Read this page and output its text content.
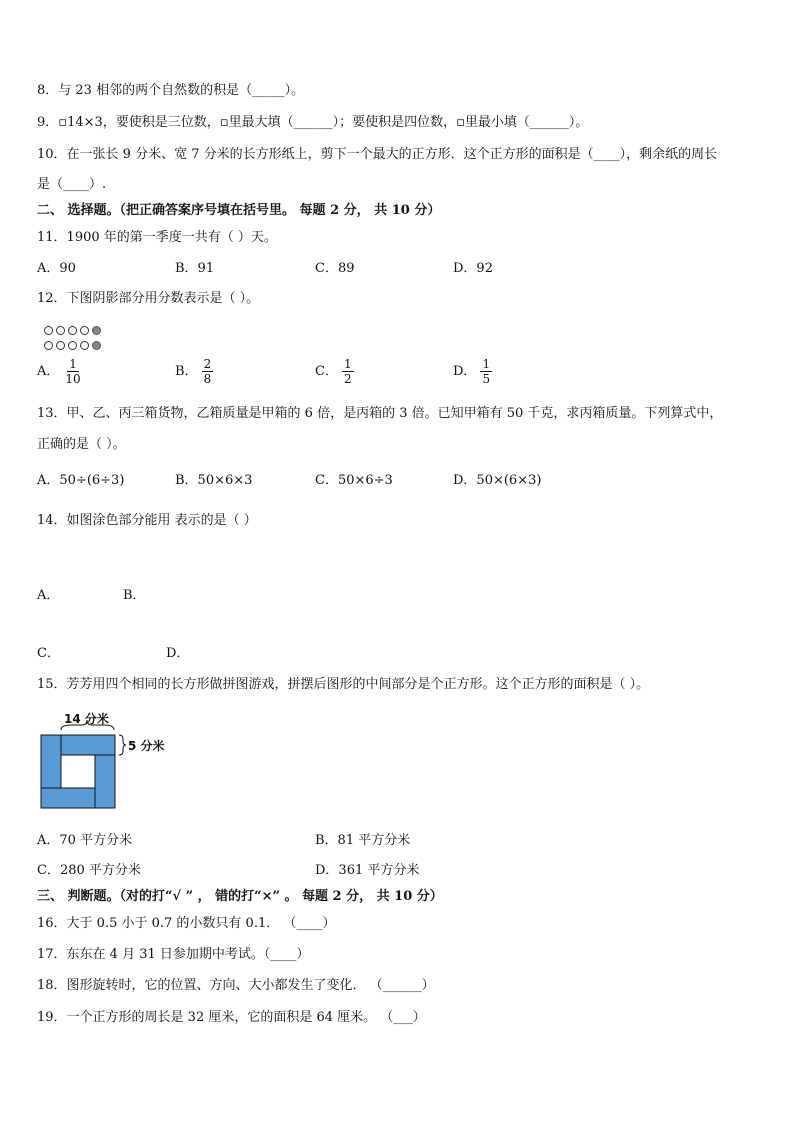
8．与 23 相邻的两个自然数的积是（_____）。
9．▫14×3，要使积是三位数，▫里最大填（______）；要使积是四位数，▫里最小填（______）。
10．在一张长 9 分米、宽 7 分米的长方形纸上，剪下一个最大的正方形．这个正方形的面积是（____），剩余纸的周长
是（____）.
二、 选择题。（把正确答案序号填在括号里。 每题 2 分， 共 10 分）
11．1900 年的第一季度一共有（ ）天。
A．90	B．91	C．89	D．92
12．下图阴影部分用分数表示是（ ）。
A． $\frac{1}{10}$	B． $\frac{2}{8}$	C． $\frac{1}{2}$	D． $\frac{1}{5}$
13．甲、乙、丙三箱货物，乙箱质量是甲箱的 6 倍，是丙箱的 3 倍。已知甲箱有 50 千克，求丙箱质量。下列算式中，
正确的是（ ）。
A．50÷(6÷3)	B．50×6×3	C．50×6÷3	D．50×(6×3)
14．如图涂色部分能用 表示的是（ ）
A．	B．
C．	D．
15．芳芳用四个相同的长方形做拼图游戏，拼摆后图形的中间部分是个正方形。这个正方形的面积是（ ）。
14 分米
5 分米
A．70 平方分米	B．81 平方分米
C．280 平方分米	D．361 平方分米
三、 判断题。（对的打“√ ” ， 错的打“×” 。 每题 2 分， 共 10 分）
16．大于 0.5 小于 0.7 的小数只有 0.1． （____）
17．东东在 4 月 31 日参加期中考试。（____）
18．图形旋转时，它的位置、方向、大小都发生了变化． （______）
19．一个正方形的周长是 32 厘米，它的面积是 64 厘米。 （___）
